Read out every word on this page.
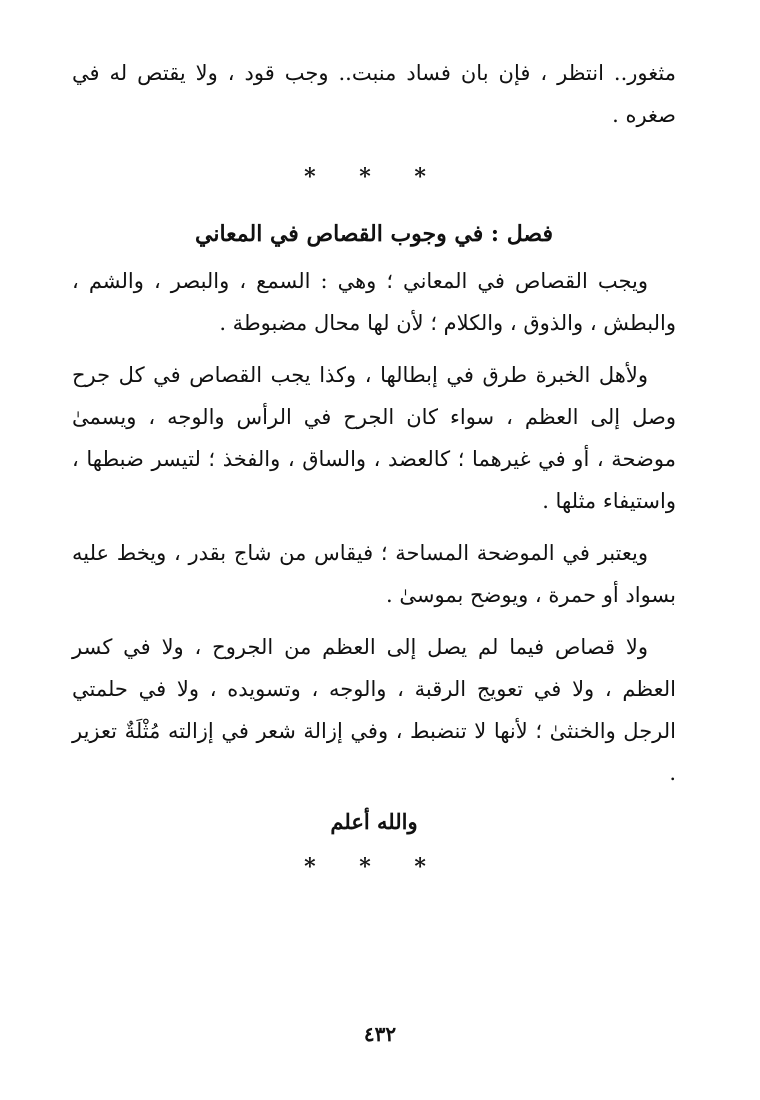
مثغور.. انتظر ، فإن بان فساد منبت.. وجب قود ، ولا يقتص له في صغره .

* * *
فصل : في وجوب القصاص في المعاني

ويجب القصاص في المعاني ؛ وهي : السمع ، والبصر ، والشم ، والبطش ، والذوق ، والكلام ؛ لأن لها محال مضبوطة .

ولأهل الخبرة طرق في إبطالها ، وكذا يجب القصاص في كل جرح وصل إلى العظم ، سواء كان الجرح في الرأس والوجه ، ويسمىٰ موضحة ، أو في غيرهما ؛ كالعضد ، والساق ، والفخذ ؛ لتيسر ضبطها ، واستيفاء مثلها .

ويعتبر في الموضحة المساحة ؛ فيقاس من شاج بقدر ، ويخط عليه بسواد أو حمرة ، ويوضح بموسىٰ .

ولا قصاص فيما لم يصل إلى العظم من الجروح ، ولا في كسر العظم ، ولا في تعويج الرقبة ، والوجه ، وتسويده ، ولا في حلمتي الرجل والخنثىٰ ؛ لأنها لا تنضبط ، وفي إزالة شعر في إزالته مُثْلَةٌ تعزير .

والله أعلم
* * *
٤٣٢
